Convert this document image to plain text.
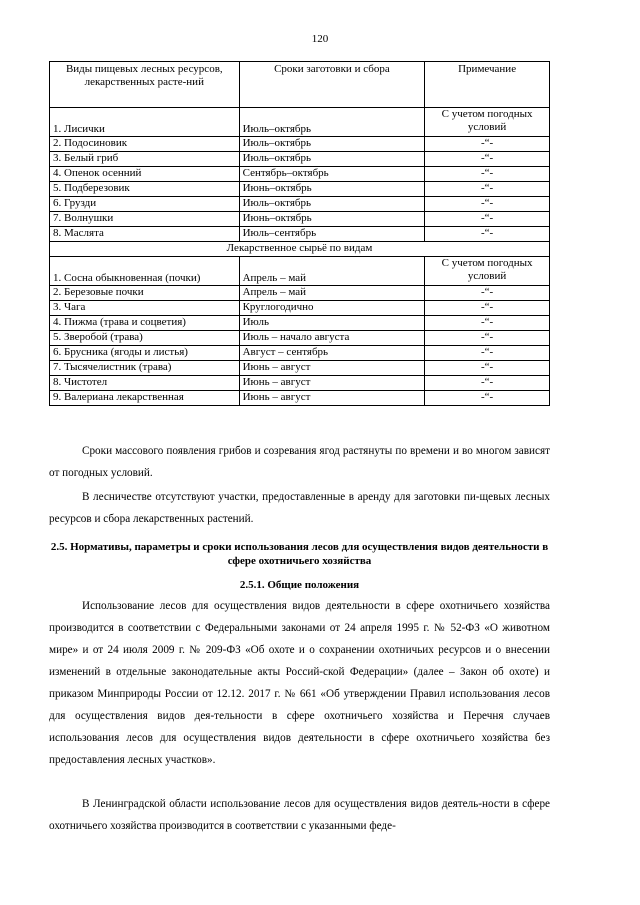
120
Виды пищевых лесных ресурсов, лекарственных расте-ний	Сроки заготовки и сбора	Примечание
1. Лисички	Июль–октябрь	С учетом погодных условий
2. Подосиновик	Июль–октябрь	-“-
3. Белый гриб	Июль–октябрь	-“-
4. Опенок осенний	Сентябрь–октябрь	-“-
5. Подберезовик	Июнь–октябрь	-“-
6. Грузди	Июль–октябрь	-“-
7. Волнушки	Июнь–октябрь	-“-
8. Маслята	Июль–сентябрь	-“-
Лекарственное сырьё по видам		
1. Сосна обыкновенная (почки)	Апрель – май	С учетом погодных условий
2. Березовые почки	Апрель – май	-“-
3. Чага	Круглогодично	-“-
4. Пижма (трава и соцветия)	Июль	-“-
5. Зверобой (трава)	Июль – начало августа	-“-
6. Брусника (ягоды и листья)	Август – сентябрь	-“-
7. Тысячелистник (трава)	Июнь – август	-“-
8. Чистотел	Июнь – август	-“-
9. Валериана лекарственная	Июнь – август	-“-
Сроки массового появления грибов и созревания ягод растянуты по времени и во многом зависят от погодных условий.
В лесничестве отсутствуют участки, предоставленные в аренду для заготовки пи-щевых лесных ресурсов и сбора лекарственных растений.
2.5. Нормативы, параметры и сроки использования лесов для осуществления видов деятельности в сфере охотничьего хозяйства
2.5.1. Общие положения
Использование лесов для осуществления видов деятельности в сфере охотничьего хозяйства производится в соответствии с Федеральными законами от 24 апреля 1995 г. № 52-ФЗ «О животном мире» и от 24 июля 2009 г. № 209-ФЗ «Об охоте и о сохранении охотничьих ресурсов и о внесении изменений в отдельные законодательные акты Россий-ской Федерации» (далее – Закон об охоте) и приказом Минприроды России от 12.12. 2017 г. № 661 «Об утверждении Правил использования лесов для осуществления видов дея-тельности в сфере охотничьего хозяйства и Перечня случаев использования лесов для осуществления видов деятельности в сфере охотничьего хозяйства без предоставления лесных участков».
В Ленинградской области использование лесов для осуществления видов деятель-ности в сфере охотничьего хозяйства производится в соответствии с указанными феде-
